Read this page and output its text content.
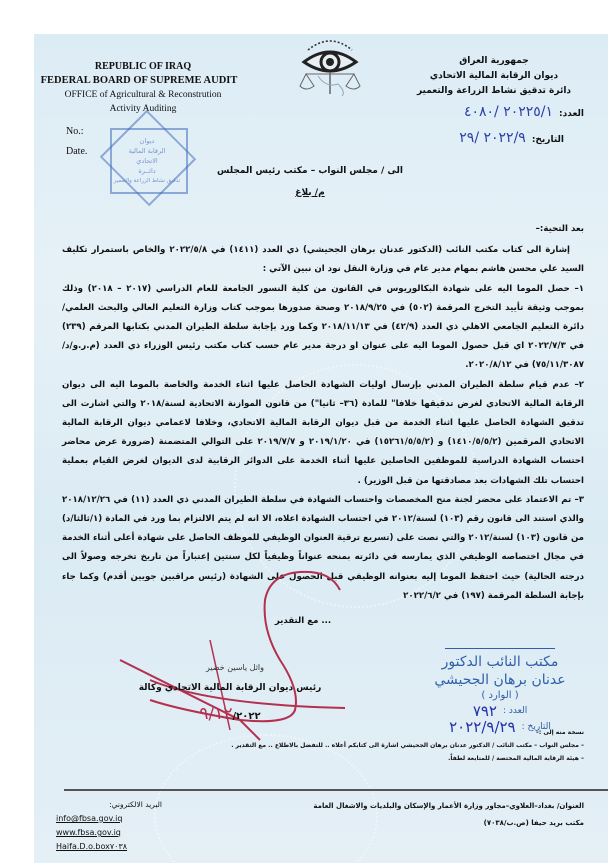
REPUBLIC OF IRAQ
FEDERAL BOARD OF SUPREME AUDIT
OFFICE of Agricultural & Reconstrution
Activity Auditing
No.:
Date.
جمهورية العراق
ديوان الرقابة المالية الاتحادي
دائرة تدقيق نشاط الزراعة والتعمير
العدد:٢٠٢٢٥/١ /٤٠٨٠
التاريخ:٢٠٢٢/٩ /٢٩
ديوان
الرقابة المالية
الاتحادي
دائــرة
تدقيق نشاط الزراعة والتعمير
الى / مجلس النواب – مكتب رئيس المجلس
م/ بلاغ

بعد التحية:–

إشارة الى كتاب مكتب النائب (الدكتور عدنان برهان الجحيشي) ذي العدد (١٤١١) في ٢٠٢٢/٥/٨ والخاص باستمرار تكليف السيد علي محسن هاشم بمهام مدير عام في وزارة النقل نود ان نبين الآتي :

١– حصل الموما اليه على شهادة البكالوريوس في القانون من كلية النسور الجامعة للعام الدراسي (٢٠١٧ – ٢٠١٨) وذلك بموجب وثيقة تأييد التخرج المرقمة (٥٠٢) في ٢٠١٨/٩/٢٥ وصحة صدورها بموجب كتاب وزارة التعليم العالي والبحث العلمي/ دائرة التعليم الجامعي الاهلي ذي العدد (٤٢/٩) في ٢٠١٨/١١/١٣ وكما ورد بإجابة سلطة الطيران المدني بكتابها المرقم (٢٣٩) في ٢٠٢٢/٧/٣ اي قبل حصول الموما اليه على عنوان او درجة مدير عام حسب كتاب مكتب رئيس الوزراء ذي العدد (م.ر.و/د/٧٥/١١/٣٠٨٧) في ٢٠٢٠/٨/١٢.

٢– عدم قيام سلطة الطيران المدني بإرسال اوليات الشهادة الحاصل عليها اثناء الخدمة والخاصة بالموما اليه الى ديوان الرقابة المالية الاتحادي لغرض تدقيقها خلافا" للمادة (٣٦– ثانيا") من قانون الموازنة الاتحادية لسنة/٢٠١٨ والتي اشارت الى تدقيق الشهادة الحاصل عليها اثناء الخدمة من قبل ديوان الرقابة المالية الاتحادي، وخلافا لاعمامي ديوان الرقابة المالية الاتحادي المرقمين (١٤١٠/٥/٥/٢) و (١٥٢٦١/٥/٥/٢) في ٢٠١٩/١/٢٠ و ٢٠١٩/٧/٧ على التوالي المتضمنة (ضرورة عرض محاضر احتساب الشهادة الدراسية للموظفين الحاصلين عليها أثناء الخدمة على الدوائر الرقابية لدى الديوان لغرض القيام بعملية احتساب تلك الشهادات بعد مصادقتها من قبل الوزير) .

٣– تم الاعتماد على محضر لجنة منح المخصصات واحتساب الشهادة في سلطة الطيران المدني ذي العدد (١١) في ٢٠١٨/١٢/٢٦ والذي استند الى قانون رقم (١٠٣) لسنة/٢٠١٢ في احتساب الشهادة اعلاه، الا انه لم يتم الالتزام بما ورد في المادة (١/ثالثا/د) من قانون (١٠٣) لسنة/٢٠١٢ والتي نصت على (تسريع ترقية العنوان الوظيفي للموظف الحاصل على شهادة أعلى أثناء الخدمة في مجال اختصاصه الوظيفي الذي يمارسه في دائرته بمنحه عنواناً وظيفياً لكل سنتين إعتباراً من تاريخ تخرجه وصولاً الى درجته الحالية) حيث احتفظ الموما إليه بعنوانه الوظيفي قبل الحصول على الشهادة (رئيس مراقبين جويين أقدم) وكما جاء بإجابة السلطة المرقمة (١٩٧) في ٢٠٢٢/٦/٢

... مع التقدير

واثل ياسين خضير
رئيس ديوان الرقابة المالية الاتحادي وكالة
٩/١٢/٢٠٢٢
مكتب النائب الدكتور
عدنان برهان الجحيشي
( الوارد )
العدد :
٧٩٢
التاريخ :
٢٠٢٢/٩/٢٩	نسخة منه إلى :–
– مجلس النواب – مكتب النائب / الدكتور عدنان برهان الجحيشي اشارة الى كتابكم أعلاه .. للتفضل بالاطلاع .. مع التقدير .
– هيئة الرقابة المالية المختصة / للمتابعة لطفاً.
العنوان/ بغداد–العلاوي–مجاور وزارة الأعمار والإسكان والبلديات والاشغال العامة
مكتب بريد حيفا (ص.ب/٧٠٣٨)
البريد الالكتروني:
info@fbsa.gov.iq
www.fbsa.gov.iq
Haifa.D.o.box٧٠٣٨
